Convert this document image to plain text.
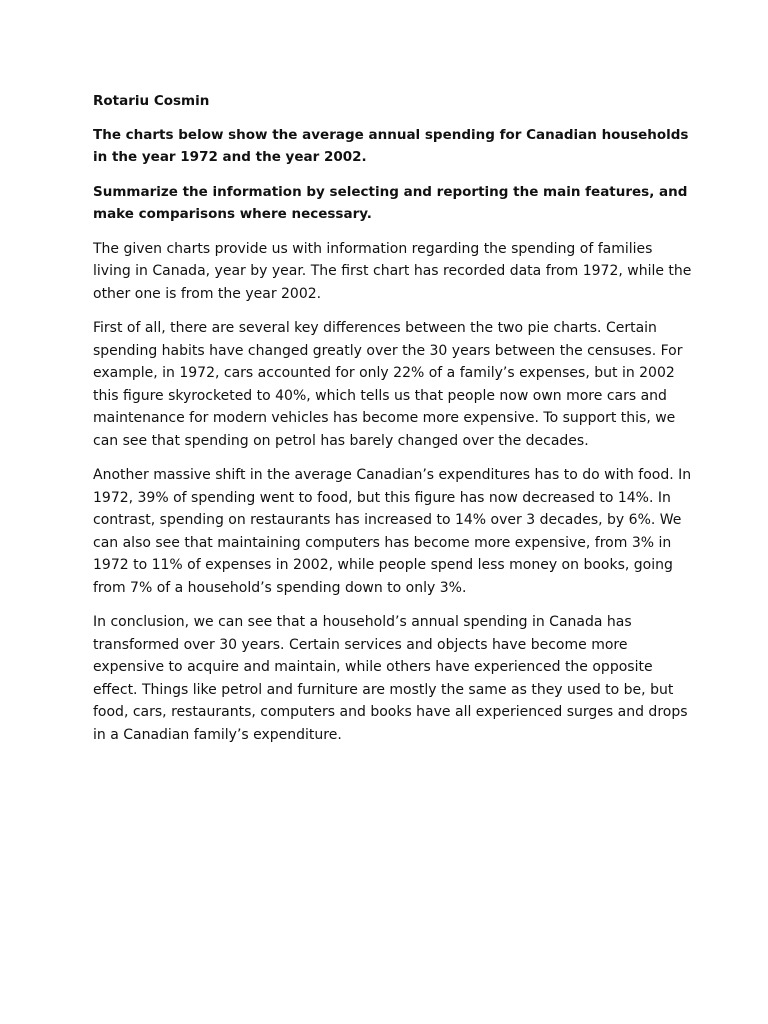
Rotariu Cosmin

The charts below show the average annual spending for Canadian households in the year 1972 and the year 2002.

Summarize the information by selecting and reporting the main features, and make comparisons where necessary.

The given charts provide us with information regarding the spending of families living in Canada, year by year. The first chart has recorded data from 1972, while the other one is from the year 2002.

First of all, there are several key differences between the two pie charts. Certain spending habits have changed greatly over the 30 years between the censuses. For example, in 1972, cars accounted for only 22% of a family’s expenses, but in 2002 this figure skyrocketed to 40%, which tells us that people now own more cars and maintenance for modern vehicles has become more expensive. To support this, we can see that spending on petrol has barely changed over the decades.

Another massive shift in the average Canadian’s expenditures has to do with food. In 1972, 39% of spending went to food, but this figure has now decreased to 14%. In contrast, spending on restaurants has increased to 14% over 3 decades, by 6%. We can also see that maintaining computers has become more expensive, from 3% in 1972 to 11% of expenses in 2002, while people spend less money on books, going from 7% of a household’s spending down to only 3%.

In conclusion, we can see that a household’s annual spending in Canada has transformed over 30 years. Certain services and objects have become more expensive to acquire and maintain, while others have experienced the opposite effect. Things like petrol and furniture are mostly the same as they used to be, but food, cars, restaurants, computers and books have all experienced surges and drops in a Canadian family’s expenditure.
